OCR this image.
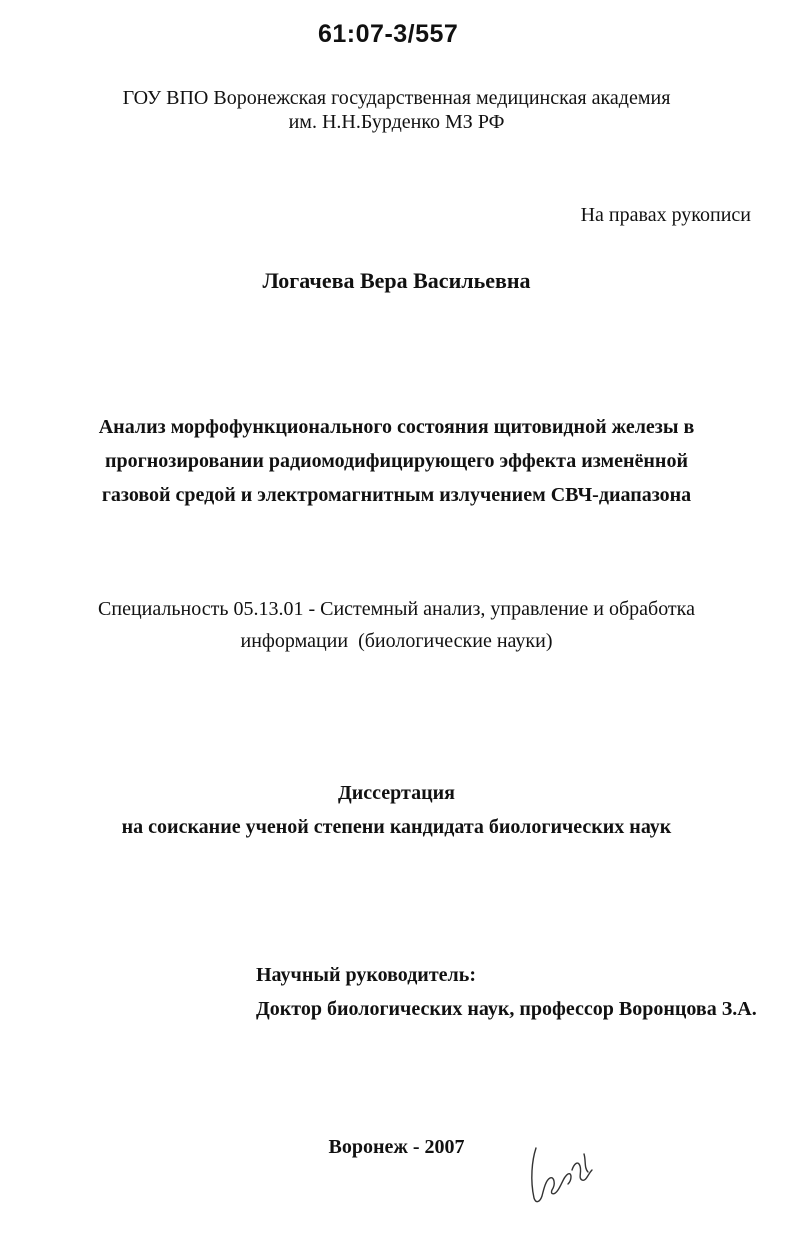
61:07-3/557
ГОУ ВПО Воронежская государственная медицинская академия
им. Н.Н.Бурденко МЗ РФ
На правах рукописи
Логачева Вера Васильевна
Анализ морфофункционального состояния щитовидной железы в
прогнозировании радиомодифицирующего эффекта изменённой
газовой средой и электромагнитным излучением СВЧ-диапазона
Специальность 05.13.01 - Системный анализ, управление и обработка
информации  (биологические науки)
Диссертация
на соискание ученой степени кандидата биологических наук
Научный руководитель:
Доктор биологических наук, профессор Воронцова З.А.
Воронеж - 2007
